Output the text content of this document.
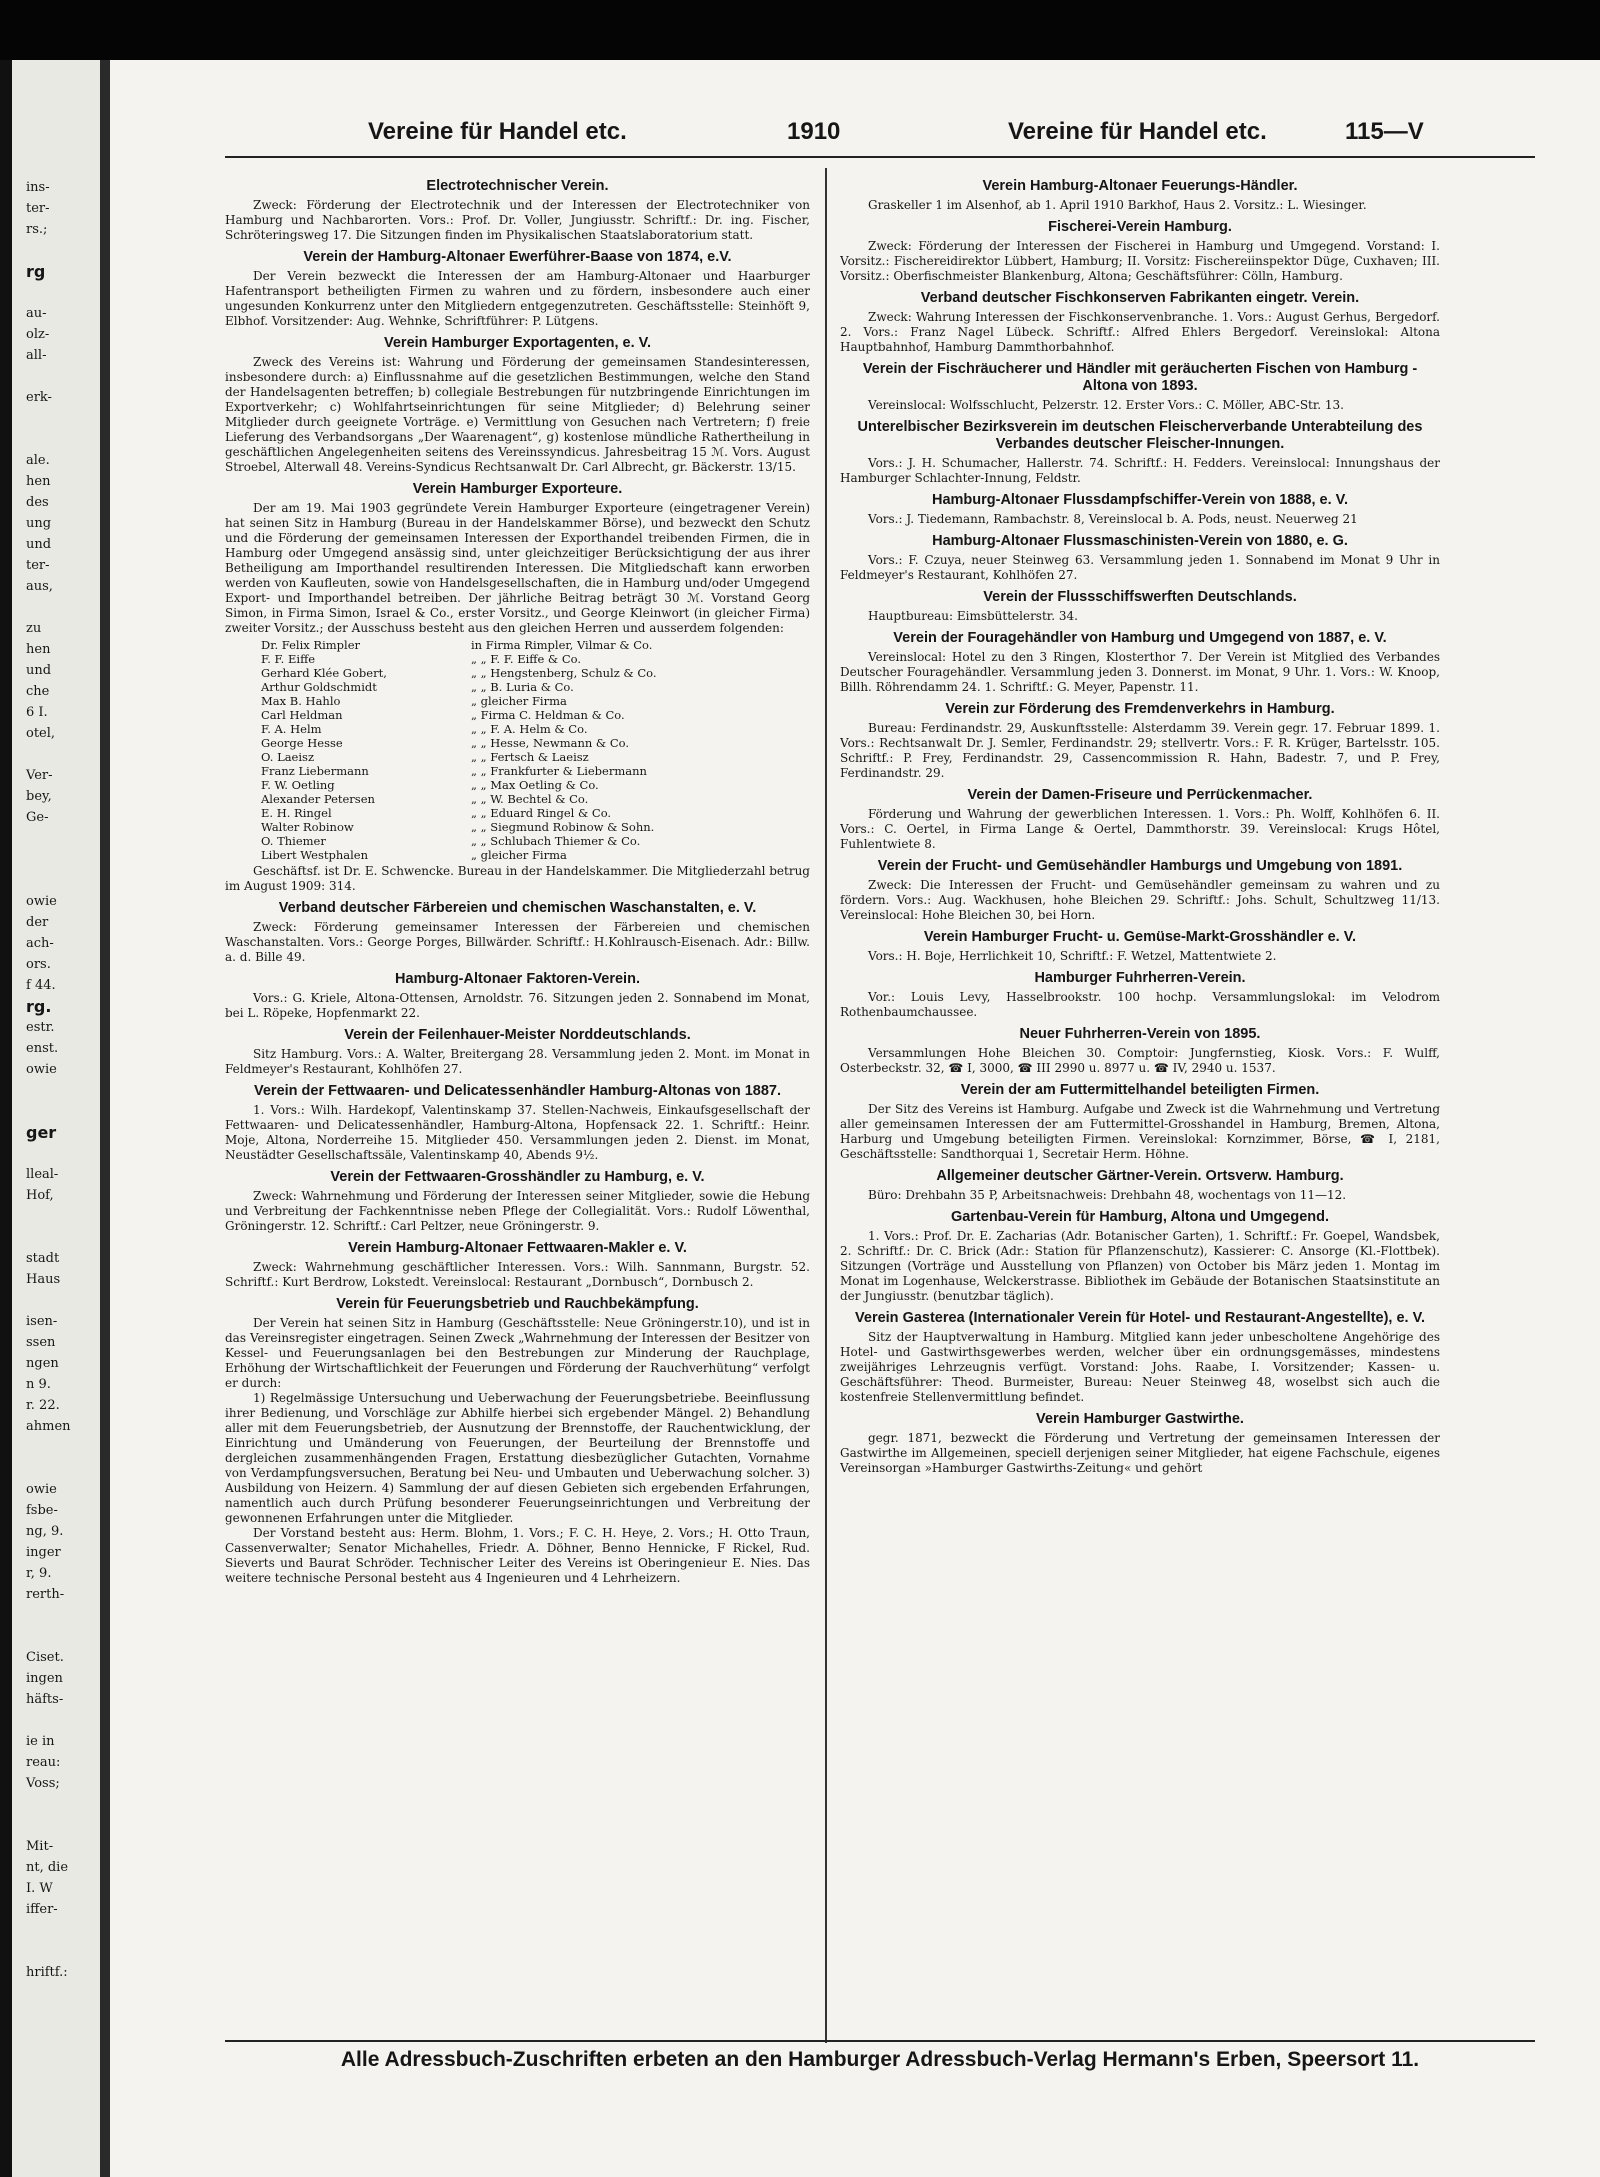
ins-
ter-
rs.;
rg
au-
olz-
all-
erk-
ale.
hen
des
ung
und
ter-
aus,
zu
hen
und
che
6 I.
otel,
Ver-
bey,
Ge-
owie
der
ach-
ors.
f 44.
rg.
estr.
enst.
owie
ger
lleal-
Hof,
stadt
Haus
isen-
ssen
ngen
n 9.
r. 22.
ahmen
owie
fsbe-
ng, 9.
inger
r, 9.
rerth-
Ciset.
ingen
häfts-
ie in
reau:
Voss;
Mit-
nt, die
I. W
iffer-
hriftf.:
Vereine für Handel etc.	1910	Vereine für Handel etc.	115—V
Electrotechnischer Verein.

Zweck: Förderung der Electrotechnik und der Interessen der Electrotechniker von Hamburg und Nachbarorten. Vors.: Prof. Dr. Voller, Jungiusstr. Schriftf.: Dr. ing. Fischer, Schröteringsweg 17. Die Sitzungen finden im Physikalischen Staatslaboratorium statt.

Verein der Hamburg-Altonaer Ewerführer-Baase von 1874, e.V.

Der Verein bezweckt die Interessen der am Hamburg-Altonaer und Haarburger Hafentransport betheiligten Firmen zu wahren und zu fördern, insbesondere auch einer ungesunden Konkurrenz unter den Mitgliedern entgegenzutreten. Geschäftsstelle: Steinhöft 9, Elbhof. Vorsitzender: Aug. Wehnke, Schriftführer: P. Lütgens.

Verein Hamburger Exportagenten, e. V.

Zweck des Vereins ist: Wahrung und Förderung der gemeinsamen Standesinteressen, insbesondere durch: a) Einflussnahme auf die gesetzlichen Bestimmungen, welche den Stand der Handelsagenten betreffen; b) collegiale Bestrebungen für nutzbringende Einrichtungen im Exportverkehr; c) Wohlfahrtseinrichtungen für seine Mitglieder; d) Belehrung seiner Mitglieder durch geeignete Vorträge. e) Vermittlung von Gesuchen nach Vertretern; f) freie Lieferung des Verbandsorgans „Der Waarenagent“, g) kostenlose mündliche Rathertheilung in geschäftlichen Angelegenheiten seitens des Vereinssyndicus. Jahresbeitrag 15 ℳ. Vors. August Stroebel, Alterwall 48. Vereins-Syndicus Rechtsanwalt Dr. Carl Albrecht, gr. Bäckerstr. 13/15.

Verein Hamburger Exporteure.

Der am 19. Mai 1903 gegründete Verein Hamburger Exporteure (eingetragener Verein) hat seinen Sitz in Hamburg (Bureau in der Handelskammer Börse), und bezweckt den Schutz und die Förderung der gemeinsamen Interessen der Exporthandel treibenden Firmen, die in Hamburg oder Umgegend ansässig sind, unter gleichzeitiger Berücksichtigung der aus ihrer Betheiligung am Importhandel resultirenden Interessen. Die Mitgliedschaft kann erworben werden von Kaufleuten, sowie von Handelsgesellschaften, die in Hamburg und/oder Umgegend Export- und Importhandel betreiben. Der jährliche Beitrag beträgt 30 ℳ. Vorstand Georg Simon, in Firma Simon, Israel & Co., erster Vorsitz., und George Kleinwort (in gleicher Firma) zweiter Vorsitz.; der Ausschuss besteht aus den gleichen Herren und ausserdem folgenden:

Dr. Felix Rimpler	in Firma Rimpler, Vilmar & Co.
F. F. Eiffe	„ „ F. F. Eiffe & Co.
Gerhard Klée Gobert,	„ „ Hengstenberg, Schulz & Co.
Arthur Goldschmidt	„ „ B. Luria & Co.
Max B. Hahlo	„ gleicher Firma
Carl Heldman	„ Firma C. Heldman & Co.
F. A. Helm	„ „ F. A. Helm & Co.
George Hesse	„ „ Hesse, Newmann & Co.
O. Laeisz	„ „ Fertsch & Laeisz
Franz Liebermann	„ „ Frankfurter & Liebermann
F. W. Oetling	„ „ Max Oetling & Co.
Alexander Petersen	„ „ W. Bechtel & Co.
E. H. Ringel	„ „ Eduard Ringel & Co.
Walter Robinow	„ „ Siegmund Robinow & Sohn.
O. Thiemer	„ „ Schlubach Thiemer & Co.
Libert Westphalen	„ gleicher Firma

Geschäftsf. ist Dr. E. Schwencke. Bureau in der Handelskammer. Die Mitgliederzahl betrug im August 1909: 314.

Verband deutscher Färbereien und chemischen Waschanstalten, e. V.

Zweck: Förderung gemeinsamer Interessen der Färbereien und chemischen Waschanstalten. Vors.: George Porges, Billwärder. Schriftf.: H.Kohlrausch-Eisenach. Adr.: Billw. a. d. Bille 49.

Hamburg-Altonaer Faktoren-Verein.

Vors.: G. Kriele, Altona-Ottensen, Arnoldstr. 76. Sitzungen jeden 2. Sonnabend im Monat, bei L. Röpeke, Hopfenmarkt 22.

Verein der Feilenhauer-Meister Norddeutschlands.

Sitz Hamburg. Vors.: A. Walter, Breitergang 28. Versammlung jeden 2. Mont. im Monat in Feldmeyer's Restaurant, Kohlhöfen 27.

Verein der Fettwaaren- und Delicatessenhändler Hamburg-Altonas von 1887.

1. Vors.: Wilh. Hardekopf, Valentinskamp 37. Stellen-Nachweis, Einkaufsgesellschaft der Fettwaaren- und Delicatessenhändler, Hamburg-Altona, Hopfensack 22. 1. Schriftf.: Heinr. Moje, Altona, Norderreihe 15. Mitglieder 450. Versammlungen jeden 2. Dienst. im Monat, Neustädter Gesellschaftssäle, Valentinskamp 40, Abends 9½.

Verein der Fettwaaren-Grosshändler zu Hamburg, e. V.

Zweck: Wahrnehmung und Förderung der Interessen seiner Mitglieder, sowie die Hebung und Verbreitung der Fachkenntnisse neben Pflege der Collegialität. Vors.: Rudolf Löwenthal, Gröningerstr. 12. Schriftf.: Carl Peltzer, neue Gröningerstr. 9.

Verein Hamburg-Altonaer Fettwaaren-Makler e. V.

Zweck: Wahrnehmung geschäftlicher Interessen. Vors.: Wilh. Sannmann, Burgstr. 52. Schriftf.: Kurt Berdrow, Lokstedt. Vereinslocal: Restaurant „Dornbusch“, Dornbusch 2.

Verein für Feuerungsbetrieb und Rauchbekämpfung.

Der Verein hat seinen Sitz in Hamburg (Geschäftsstelle: Neue Gröningerstr.10), und ist in das Vereinsregister eingetragen. Seinen Zweck „Wahrnehmung der Interessen der Besitzer von Kessel- und Feuerungsanlagen bei den Bestrebungen zur Minderung der Rauchplage, Erhöhung der Wirtschaftlichkeit der Feuerungen und Förderung der Rauchverhütung“ verfolgt er durch:

1) Regelmässige Untersuchung und Ueberwachung der Feuerungsbetriebe. Beeinflussung ihrer Bedienung, und Vorschläge zur Abhilfe hierbei sich ergebender Mängel. 2) Behandlung aller mit dem Feuerungsbetrieb, der Ausnutzung der Brennstoffe, der Rauchentwicklung, der Einrichtung und Umänderung von Feuerungen, der Beurteilung der Brennstoffe und dergleichen zusammenhängenden Fragen, Erstattung diesbezüglicher Gutachten, Vornahme von Verdampfungsversuchen, Beratung bei Neu- und Umbauten und Ueberwachung solcher. 3) Ausbildung von Heizern. 4) Sammlung der auf diesen Gebieten sich ergebenden Erfahrungen, namentlich auch durch Prüfung besonderer Feuerungseinrichtungen und Verbreitung der gewonnenen Erfahrungen unter die Mitglieder.

Der Vorstand besteht aus: Herm. Blohm, 1. Vors.; F. C. H. Heye, 2. Vors.; H. Otto Traun, Cassenverwalter; Senator Michahelles, Friedr. A. Döhner, Benno Hennicke, F Rickel, Rud. Sieverts und Baurat Schröder. Technischer Leiter des Vereins ist Oberingenieur E. Nies. Das weitere technische Personal besteht aus 4 Ingenieuren und 4 Lehrheizern.

Verein Hamburg-Altonaer Feuerungs-Händler.

Graskeller 1 im Alsenhof, ab 1. April 1910 Barkhof, Haus 2. Vorsitz.: L. Wiesinger.

Fischerei-Verein Hamburg.

Zweck: Förderung der Interessen der Fischerei in Hamburg und Umgegend. Vorstand: I. Vorsitz.: Fischereidirektor Lübbert, Hamburg; II. Vorsitz: Fischereiinspektor Düge, Cuxhaven; III. Vorsitz.: Oberfischmeister Blankenburg, Altona; Geschäftsführer: Cölln, Hamburg.

Verband deutscher Fischkonserven Fabrikanten eingetr. Verein.

Zweck: Wahrung Interessen der Fischkonservenbranche. 1. Vors.: August Gerhus, Bergedorf. 2. Vors.: Franz Nagel Lübeck. Schriftf.: Alfred Ehlers Bergedorf. Vereinslokal: Altona Hauptbahnhof, Hamburg Dammthorbahnhof.

Verein der Fischräucherer und Händler mit geräucherten Fischen von Hamburg - Altona von 1893.

Vereinslocal: Wolfsschlucht, Pelzerstr. 12. Erster Vors.: C. Möller, ABC-Str. 13.

Unterelbischer Bezirksverein im deutschen Fleischerverbande Unterabteilung des Verbandes deutscher Fleischer-Innungen.

Vors.: J. H. Schumacher, Hallerstr. 74. Schriftf.: H. Fedders. Vereinslocal: Innungshaus der Hamburger Schlachter-Innung, Feldstr.

Hamburg-Altonaer Flussdampfschiffer-Verein von 1888, e. V.

Vors.: J. Tiedemann, Rambachstr. 8, Vereinslocal b. A. Pods, neust. Neuerweg 21

Hamburg-Altonaer Flussmaschinisten-Verein von 1880, e. G.

Vors.: F. Czuya, neuer Steinweg 63. Versammlung jeden 1. Sonnabend im Monat 9 Uhr in Feldmeyer's Restaurant, Kohlhöfen 27.

Verein der Flussschiffswerften Deutschlands.

Hauptbureau: Eimsbüttelerstr. 34.

Verein der Fouragehändler von Hamburg und Umgegend von 1887, e. V.

Vereinslocal: Hotel zu den 3 Ringen, Klosterthor 7. Der Verein ist Mitglied des Verbandes Deutscher Fouragehändler. Versammlung jeden 3. Donnerst. im Monat, 9 Uhr. 1. Vors.: W. Knoop, Billh. Röhrendamm 24. 1. Schriftf.: G. Meyer, Papenstr. 11.

Verein zur Förderung des Fremdenverkehrs in Hamburg.

Bureau: Ferdinandstr. 29, Auskunftsstelle: Alsterdamm 39. Verein gegr. 17. Februar 1899. 1. Vors.: Rechtsanwalt Dr. J. Semler, Ferdinandstr. 29; stellvertr. Vors.: F. R. Krüger, Bartelsstr. 105. Schriftf.: P. Frey, Ferdinandstr. 29, Cassencommission R. Hahn, Badestr. 7, und P. Frey, Ferdinandstr. 29.

Verein der Damen-Friseure und Perrückenmacher.

Förderung und Wahrung der gewerblichen Interessen. 1. Vors.: Ph. Wolff, Kohlhöfen 6. II. Vors.: C. Oertel, in Firma Lange & Oertel, Dammthorstr. 39. Vereinslocal: Krugs Hôtel, Fuhlentwiete 8.

Verein der Frucht- und Gemüsehändler Hamburgs und Umgebung von 1891.

Zweck: Die Interessen der Frucht- und Gemüsehändler gemeinsam zu wahren und zu fördern. Vors.: Aug. Wackhusen, hohe Bleichen 29. Schriftf.: Johs. Schult, Schultzweg 11/13. Vereinslocal: Hohe Bleichen 30, bei Horn.

Verein Hamburger Frucht- u. Gemüse-Markt-Grosshändler e. V.

Vors.: H. Boje, Herrlichkeit 10, Schriftf.: F. Wetzel, Mattentwiete 2.

Hamburger Fuhrherren-Verein.

Vor.: Louis Levy, Hasselbrookstr. 100 hochp. Versammlungslokal: im Velodrom Rothenbaumchaussee.

Neuer Fuhrherren-Verein von 1895.

Versammlungen Hohe Bleichen 30. Comptoir: Jungfernstieg, Kiosk. Vors.: F. Wulff, Osterbeckstr. 32, ☎ I, 3000, ☎ III 2990 u. 8977 u. ☎ IV, 2940 u. 1537.

Verein der am Futtermittelhandel beteiligten Firmen.

Der Sitz des Vereins ist Hamburg. Aufgabe und Zweck ist die Wahrnehmung und Vertretung aller gemeinsamen Interessen der am Futtermittel-Grosshandel in Hamburg, Bremen, Altona, Harburg und Umgebung beteiligten Firmen. Vereinslokal: Kornzimmer, Börse, ☎ I, 2181, Geschäftsstelle: Sandthorquai 1, Secretair Herm. Höhne.

Allgemeiner deutscher Gärtner-Verein. Ortsverw. Hamburg.

Büro: Drehbahn 35 P, Arbeitsnachweis: Drehbahn 48, wochentags von 11—12.

Gartenbau-Verein für Hamburg, Altona und Umgegend.

1. Vors.: Prof. Dr. E. Zacharias (Adr. Botanischer Garten), 1. Schriftf.: Fr. Goepel, Wandsbek, 2. Schriftf.: Dr. C. Brick (Adr.: Station für Pflanzenschutz), Kassierer: C. Ansorge (Kl.-Flottbek). Sitzungen (Vorträge und Ausstellung von Pflanzen) von October bis März jeden 1. Montag im Monat im Logenhause, Welckerstrasse. Bibliothek im Gebäude der Botanischen Staatsinstitute an der Jungiusstr. (benutzbar täglich).

Verein Gasterea (Internationaler Verein für Hotel- und Restaurant-Angestellte), e. V.

Sitz der Hauptverwaltung in Hamburg. Mitglied kann jeder unbescholtene Angehörige des Hotel- und Gastwirthsgewerbes werden, welcher über ein ordnungsgemässes, mindestens zweijähriges Lehrzeugnis verfügt. Vorstand: Johs. Raabe, I. Vorsitzender; Kassen- u. Geschäftsführer: Theod. Burmeister, Bureau: Neuer Steinweg 48, woselbst sich auch die kostenfreie Stellenvermittlung befindet.

Verein Hamburger Gastwirthe.

gegr. 1871, bezweckt die Förderung und Vertretung der gemeinsamen Interessen der Gastwirthe im Allgemeinen, speciell derjenigen seiner Mitglieder, hat eigene Fachschule, eigenes Vereinsorgan »Hamburger Gastwirths-Zeitung« und gehört

Alle Adressbuch-Zuschriften erbeten an den Hamburger Adressbuch-Verlag Hermann's Erben, Speersort 11.
